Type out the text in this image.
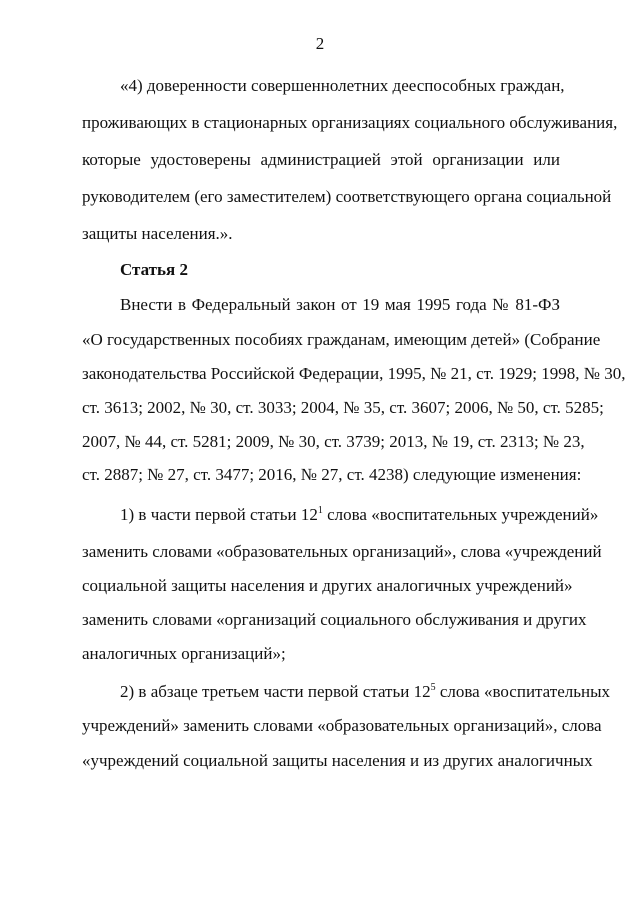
2
«4) доверенности совершеннолетних дееспособных граждан,
проживающих в стационарных организациях социального обслуживания,
которые удостоверены администрацией этой организации или
руководителем (его заместителем) соответствующего органа социальной
защиты населения.».
Статья 2
Внести в Федеральный закон от 19 мая 1995 года № 81-ФЗ
«О государственных пособиях гражданам, имеющим детей» (Собрание
законодательства Российской Федерации, 1995, № 21, ст. 1929; 1998, № 30,
ст. 3613; 2002, № 30, ст. 3033; 2004, № 35, ст. 3607; 2006, № 50, ст. 5285;
2007, № 44, ст. 5281; 2009, № 30, ст. 3739; 2013, № 19, ст. 2313; № 23,
ст. 2887; № 27, ст. 3477; 2016, № 27, ст. 4238) следующие изменения:
1) в части первой статьи $12^1$ слова «воспитательных учреждений»
заменить словами «образовательных организаций», слова «учреждений
социальной защиты населения и других аналогичных учреждений»
заменить словами «организаций социального обслуживания и других
аналогичных организаций»;
2) в абзаце третьем части первой статьи $12^5$ слова «воспитательных
учреждений» заменить словами «образовательных организаций», слова
«учреждений социальной защиты населения и из других аналогичных
